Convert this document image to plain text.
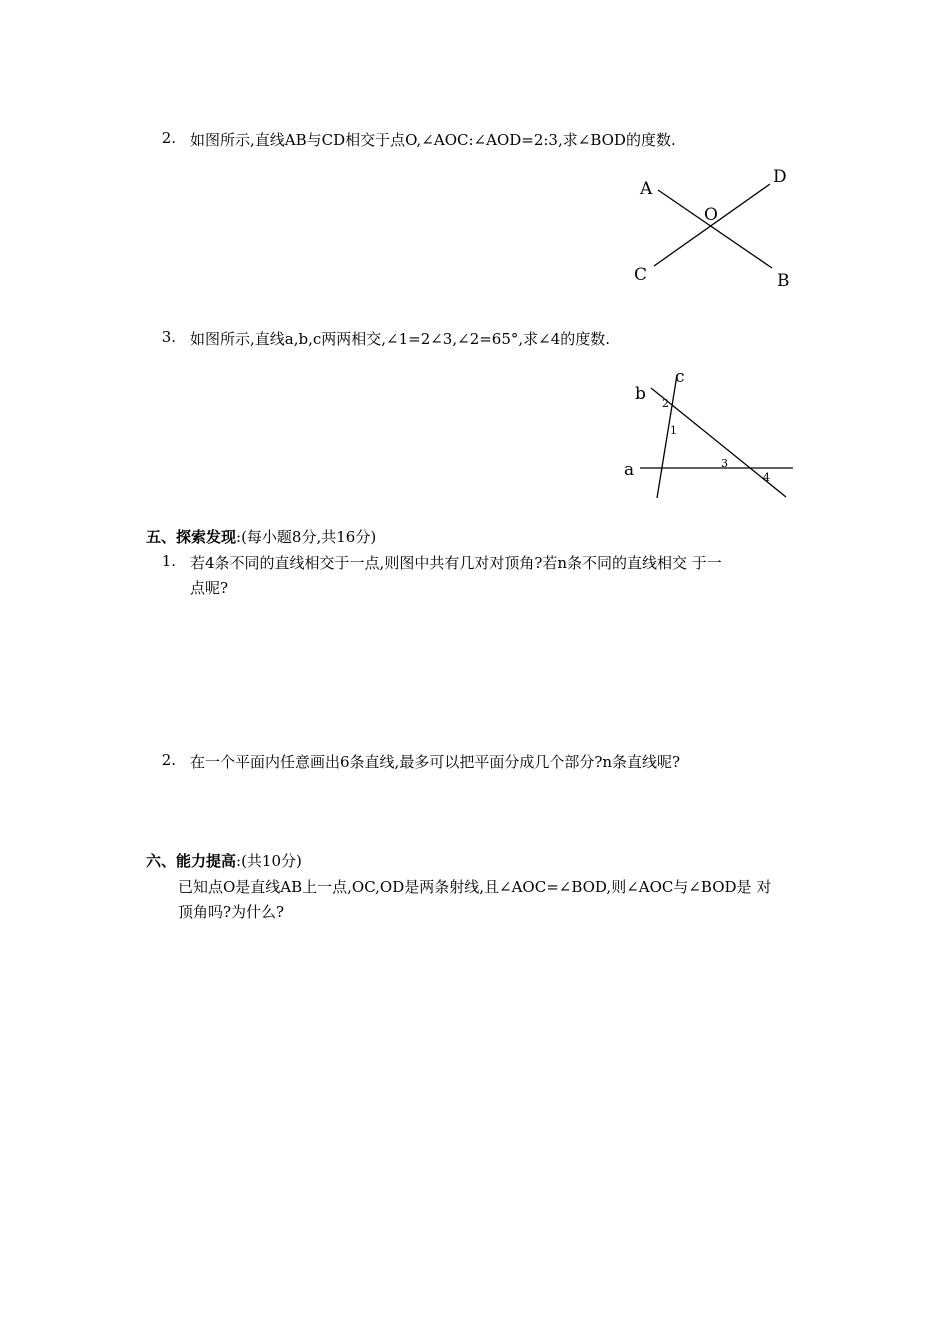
2. 如图所示,直线AB与CD相交于点O,∠AOC:∠AOD=2:3,求∠BOD的度数.
A
D
O
C	B
3. 如图所示,直线a,b,c两两相交,∠1=2∠3,∠2=65°,求∠4的度数.
c
b
a
2
1
3
4
五、探索发现:(每小题8分,共16分)
1. 若4条不同的直线相交于一点,则图中共有几对对顶角?若n条不同的直线相交 于一
点呢?
2. 在一个平面内任意画出6条直线,最多可以把平面分成几个部分?n条直线呢?
六、能力提高:(共10分)
已知点O是直线AB上一点,OC,OD是两条射线,且∠AOC=∠BOD,则∠AOC与∠BOD是 对
顶角吗?为什么?
